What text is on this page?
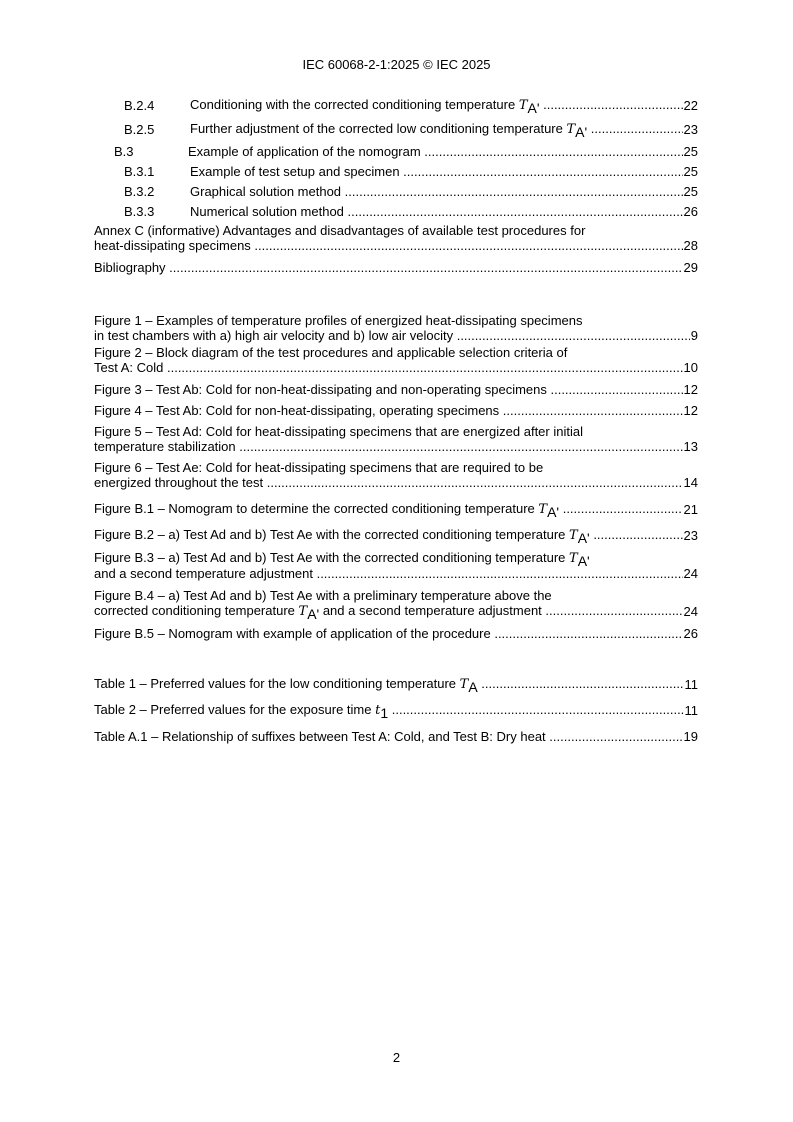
IEC 60068-2-1:2025 © IEC 2025
B.2.4	Conditioning with the corrected conditioning temperature TA' .....	22
B.2.5	Further adjustment of the corrected low conditioning temperature TA' .....	23
B.3	Example of application of the nomogram .....	25
B.3.1	Example of test setup and specimen .....	25
B.3.2	Graphical solution method .....	25
B.3.3	Numerical solution method .....	26
Annex C (informative) Advantages and disadvantages of available test procedures for
heat-dissipating specimens .....	28
Bibliography .....	29
Figure 1 – Examples of temperature profiles of energized heat-dissipating specimens
in test chambers with a) high air velocity and b) low air velocity .....	9
Figure 2 – Block diagram of the test procedures and applicable selection criteria of
Test A: Cold .....	10
Figure 3 – Test Ab: Cold for non-heat-dissipating and non-operating specimens .....	12
Figure 4 – Test Ab: Cold for non-heat-dissipating, operating specimens .....	12
Figure 5 – Test Ad: Cold for heat-dissipating specimens that are energized after initial
temperature stabilization .....	13
Figure 6 – Test Ae: Cold for heat-dissipating specimens that are required to be
energized throughout the test .....	14
Figure B.1 – Nomogram to determine the corrected conditioning temperature TA' .....	21
Figure B.2 – a) Test Ad and b) Test Ae with the corrected conditioning temperature TA' .....	23
Figure B.3 – a) Test Ad and b) Test Ae with the corrected conditioning temperature TA'
and a second temperature adjustment .....	24
Figure B.4 – a) Test Ad and b) Test Ae with a preliminary temperature above the
corrected conditioning temperature TA' and a second temperature adjustment .....	24
Figure B.5 – Nomogram with example of application of the procedure .....	26
Table 1 – Preferred values for the low conditioning temperature TA .....	11
Table 2 – Preferred values for the exposure time t1 .....	11
Table A.1 – Relationship of suffixes between Test A: Cold, and Test B: Dry heat .....	19
2
